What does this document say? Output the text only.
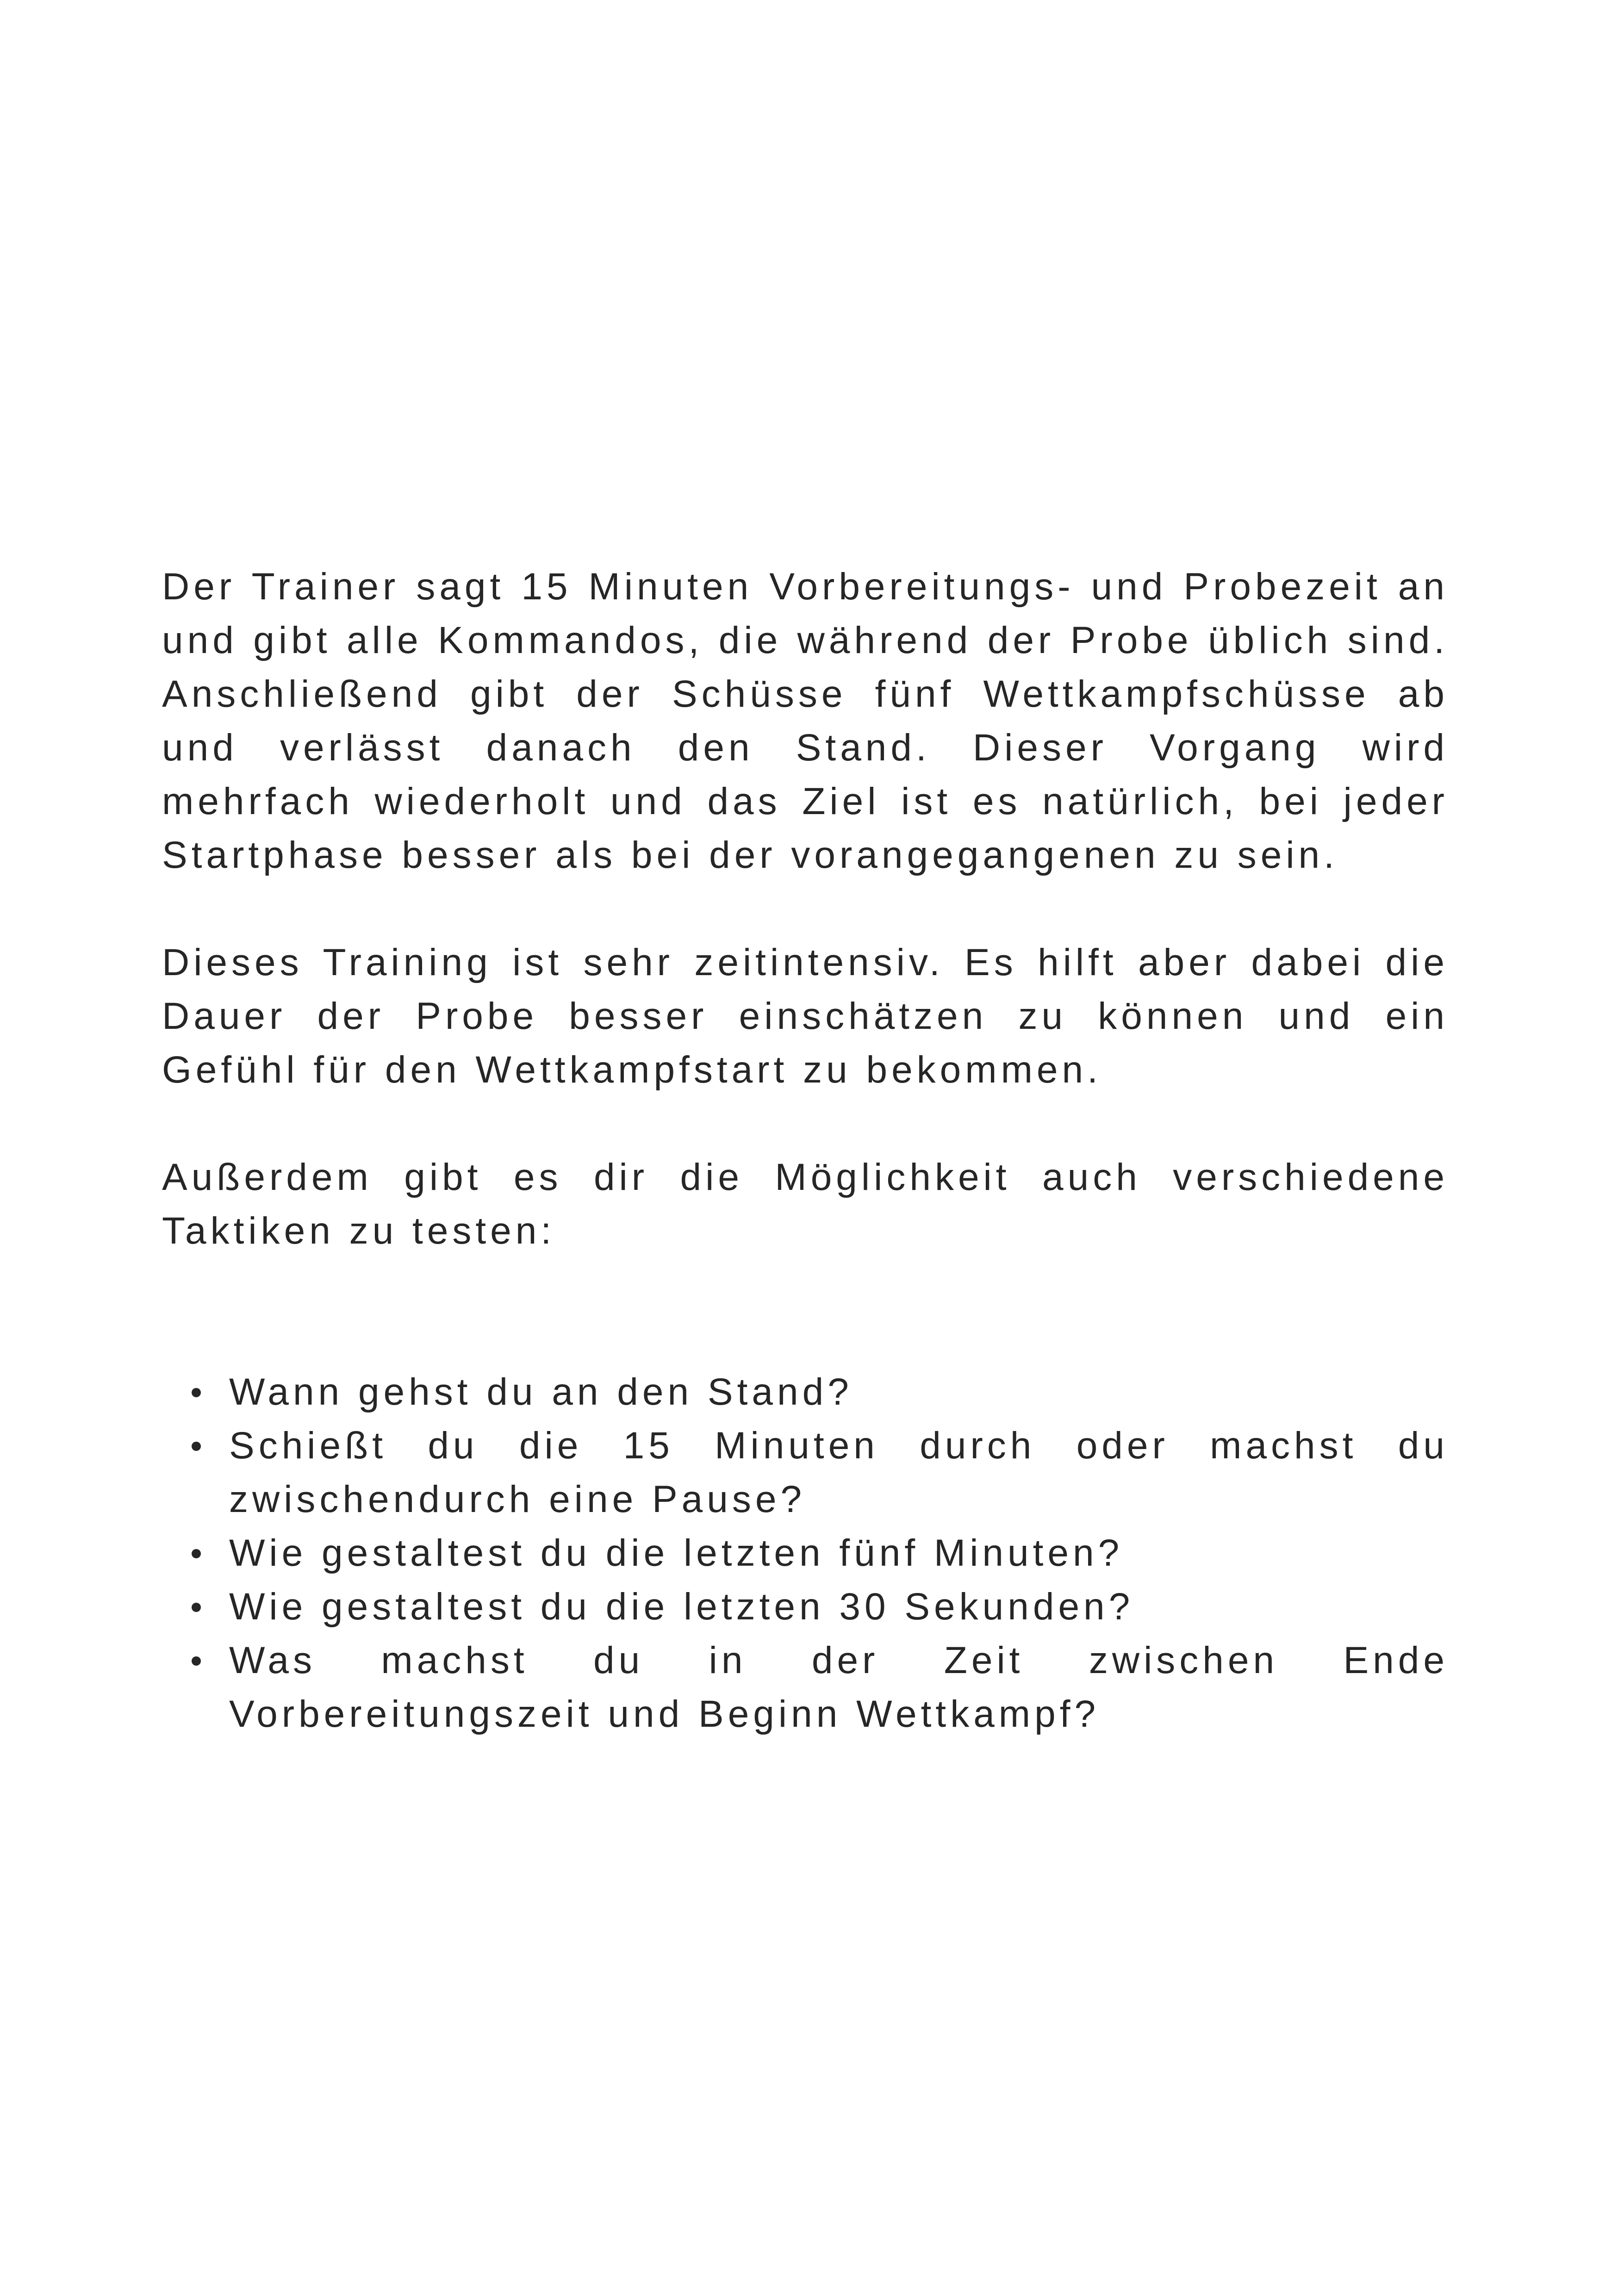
Der Trainer sagt 15 Minuten Vorbereitungs- und Probezeit an und gibt alle Kommandos, die während der Probe üblich sind. Anschließend gibt der Schüsse fünf Wettkampfschüsse ab und verlässt danach den Stand. Dieser Vorgang wird mehrfach wiederholt und das Ziel ist es natürlich, bei jeder Startphase besser als bei der vorangegangenen zu sein.

Dieses Training ist sehr zeitintensiv. Es hilft aber dabei die Dauer der Probe besser einschätzen zu können und ein Gefühl für den Wettkampfstart zu bekommen.

Außerdem gibt es dir die Möglichkeit auch verschiedene Taktiken zu testen:

Wann gehst du an den Stand?
Schießt du die 15 Minuten durch oder machst du zwischendurch eine Pause?
Wie gestaltest du die letzten fünf Minuten?
Wie gestaltest du die letzten 30 Sekunden?
Was machst du in der Zeit zwischen Ende Vorbereitungszeit und Beginn Wettkampf?
